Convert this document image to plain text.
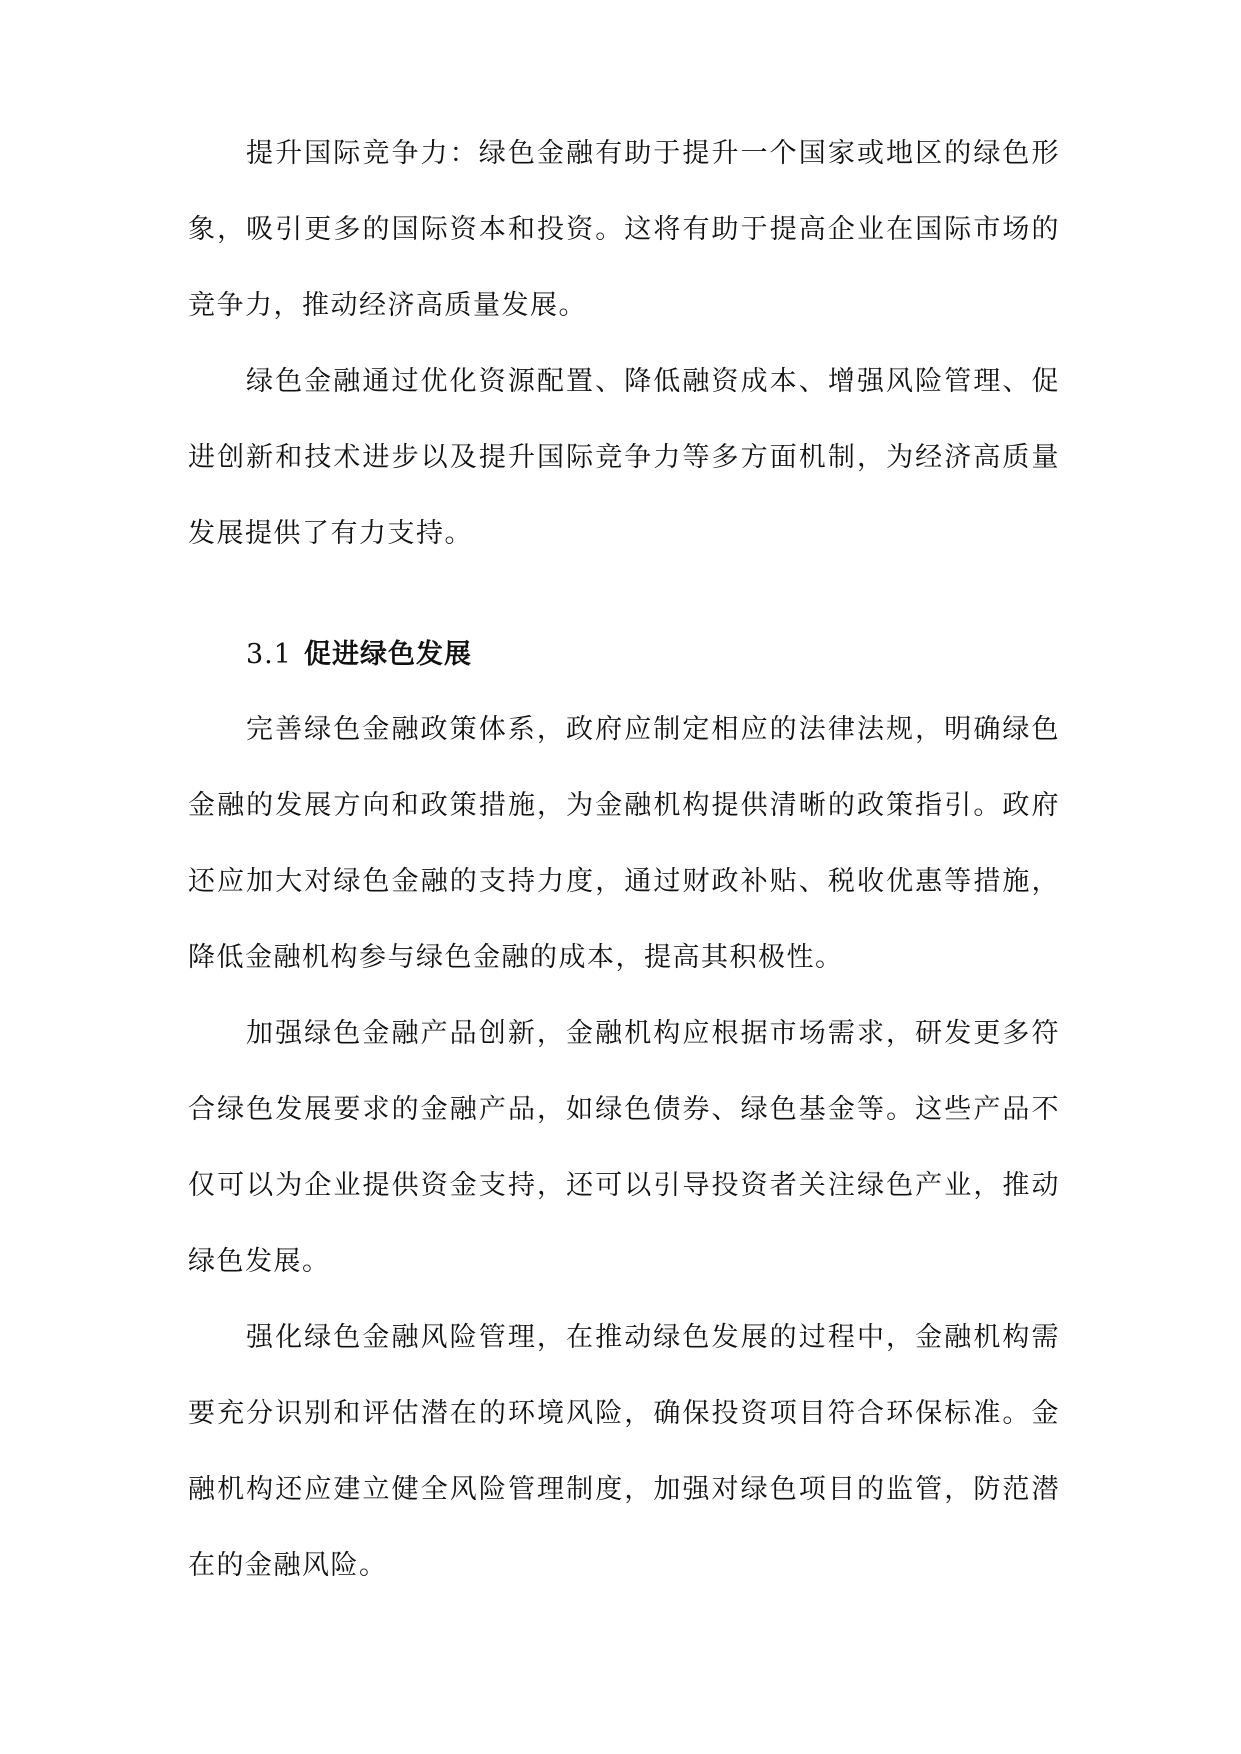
提升国际竞争力：绿色金融有助于提升一个国家或地区的绿色形象，吸引更多的国际资本和投资。这将有助于提高企业在国际市场的竞争力，推动经济高质量发展。

绿色金融通过优化资源配置、降低融资成本、增强风险管理、促进创新和技术进步以及提升国际竞争力等多方面机制，为经济高质量发展提供了有力支持。

3.1 促进绿色发展

完善绿色金融政策体系，政府应制定相应的法律法规，明确绿色金融的发展方向和政策措施，为金融机构提供清晰的政策指引。政府还应加大对绿色金融的支持力度，通过财政补贴、税收优惠等措施，降低金融机构参与绿色金融的成本，提高其积极性。

加强绿色金融产品创新，金融机构应根据市场需求，研发更多符合绿色发展要求的金融产品，如绿色债券、绿色基金等。这些产品不仅可以为企业提供资金支持，还可以引导投资者关注绿色产业，推动绿色发展。

强化绿色金融风险管理，在推动绿色发展的过程中，金融机构需要充分识别和评估潜在的环境风险，确保投资项目符合环保标准。金融机构还应建立健全风险管理制度，加强对绿色项目的监管，防范潜在的金融风险。
